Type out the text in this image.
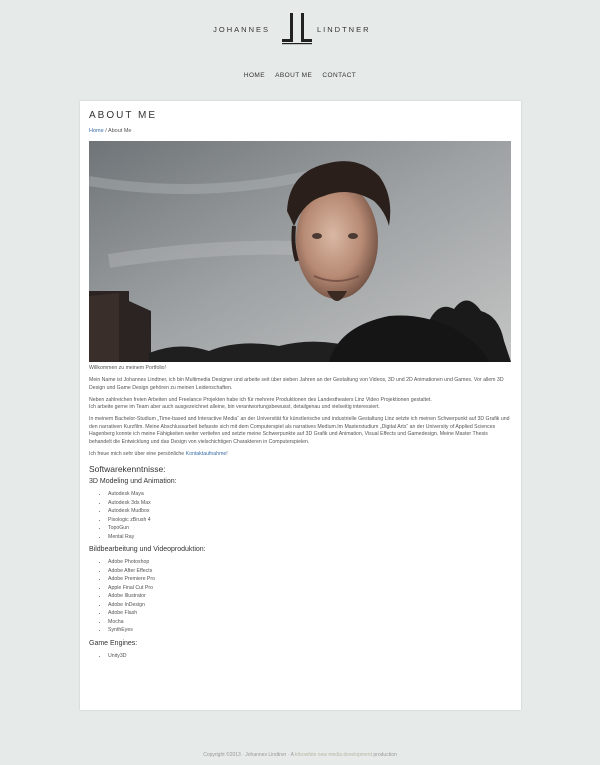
JOHANNES	LINDTNER
HOME ABOUT ME CONTACT
ABOUT ME
Home / About Me

Willkommen zu meinem Portfolio!

Mein Name ist Johannes Lindtner, ich bin Multimedia Designer und arbeite seit über sieben Jahren an der Gestaltung von Videos, 3D und 2D Animationen und Games. Vor allem 3D Design und Game Design gehören zu meinen Leidenschaften.

Neben zahlreichen freien Arbeiten und Freelance Projekten habe ich für mehrere Produktionen des Landestheaters Linz Video Projektionen gestaltet.
Ich arbeite gerne im Team aber auch ausgezeichnet alleine, bin verantwortungsbewusst, detailgenau und vielseitig interessiert.

In meinem Bachelor-Studium „Time-based and Interactive Media“ an der Universität für künstlerische und industrielle Gestaltung Linz setzte ich meinen Schwerpunkt auf 3D Grafik und den narrativen Kurzfilm. Meine Abschlussarbeit befasste sich mit dem Computerspiel als narratives Medium.Im Masterstudium „Digital Arts“ an der University of Applied Sciences Hagenberg konnte ich meine Fähigkeiten weiter vertiefen und setzte meine Schwerpunkte auf 3D Grafik und Animation, Visual Effects und Gamedesign. Meine Master Thesis behandelt die Entwicklung und das Design von vielschichtigen Charakteren in Computerspielen.

Ich freue mich sehr über eine persönliche Kontaktaufnahme!

Softwarekenntnisse:
3D Modeling und Animation:
• Autodesk Maya
• Autodesk 3ds Max
• Autodesk Mudbox
• Pixologic zBrush 4
• TopoGun
• Mental Ray
Bildbearbeitung und Videoproduktion:
• Adobe Photoshop
• Adobe After Effects
• Adobe Premiere Pro
• Apple Final Cut Pro
• Adobe Illustrator
• Adobe InDesign
• Adobe Flash
• Mocha
• SynthEyes
Game Engines:
• Unity3D
Copyright ©2013 · Johannes Lindtner · A tribowhite new media development production
